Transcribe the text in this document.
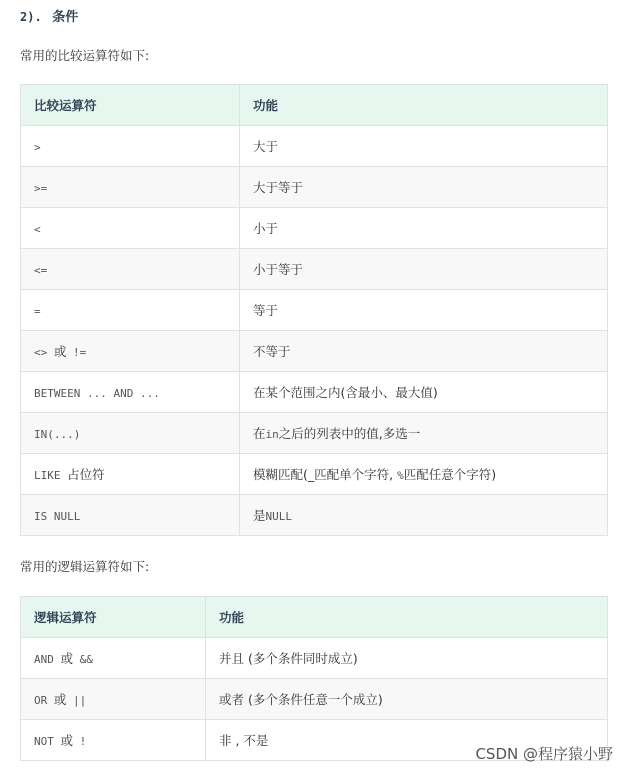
2). 条件
常用的比较运算符如下:
比较运算符	功能
>	大于
>=	大于等于
<	小于
<=	小于等于
=	等于
<> 或 !=	不等于
BETWEEN ... AND ...	在某个范围之内(含最小、最大值)
IN(...)	在in之后的列表中的值,多选一
LIKE 占位符	模糊匹配(_匹配单个字符, %匹配任意个字符)
IS NULL	是NULL
常用的逻辑运算符如下:
逻辑运算符	功能
AND 或 &&	并且 (多个条件同时成立)
OR 或 ||	或者 (多个条件任意一个成立)
NOT 或 !	非 , 不是
CSDN @程序猿小野
